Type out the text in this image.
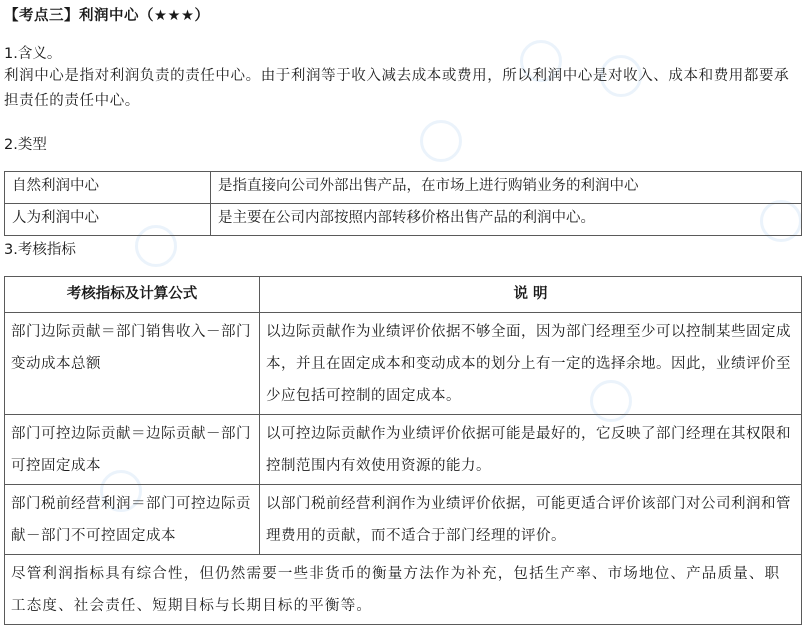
【考点三】利润中心（★★★）
1.含义。
利润中心是指对利润负责的责任中心。由于利润等于收入减去成本或费用，所以利润中心是对收入、成本和费用都要承担责任的责任中心。
2.类型
自然利润中心	是指直接向公司外部出售产品，在市场上进行购销业务的利润中心
人为利润中心	是主要在公司内部按照内部转移价格出售产品的利润中心。
3.考核指标
考核指标及计算公式	说 明
部门边际贡献＝部门销售收入－部门变动成本总额	以边际贡献作为业绩评价依据不够全面，因为部门经理至少可以控制某些固定成本，并且在固定成本和变动成本的划分上有一定的选择余地。因此，业绩评价至少应包括可控制的固定成本。
部门可控边际贡献＝边际贡献－部门可控固定成本	以可控边际贡献作为业绩评价依据可能是最好的，它反映了部门经理在其权限和控制范围内有效使用资源的能力。
部门税前经营利润＝部门可控边际贡献－部门不可控固定成本	以部门税前经营利润作为业绩评价依据，可能更适合评价该部门对公司利润和管理费用的贡献，而不适合于部门经理的评价。
尽管利润指标具有综合性，但仍然需要一些非货币的衡量方法作为补充，包括生产率、市场地位、产品质量、职工态度、社会责任、短期目标与长期目标的平衡等。	
